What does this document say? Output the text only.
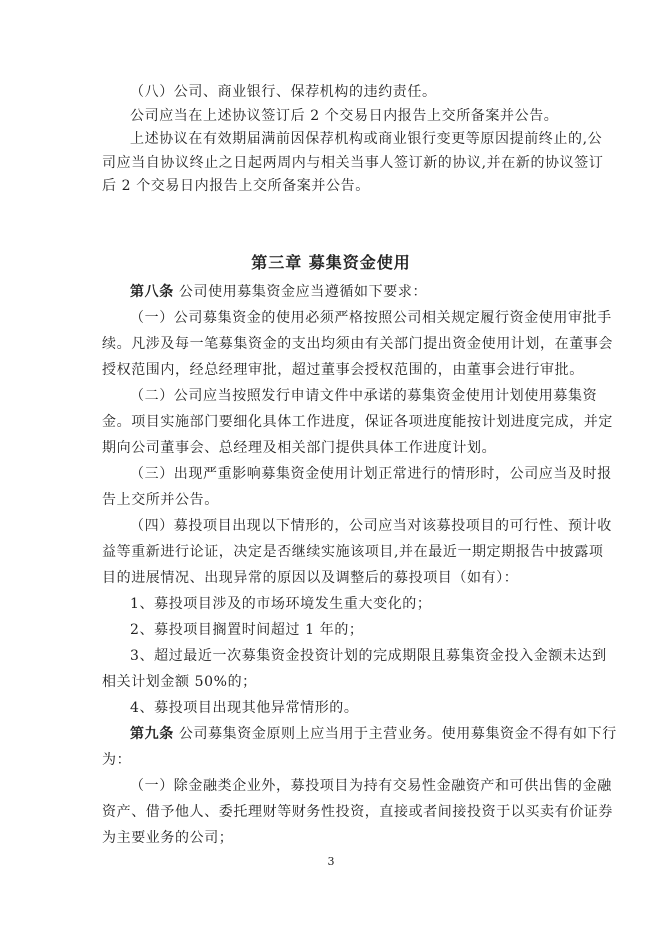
（八）公司、商业银行、保荐机构的违约责任。
公司应当在上述协议签订后 2 个交易日内报告上交所备案并公告。
上述协议在有效期届满前因保荐机构或商业银行变更等原因提前终止的,公
司应当自协议终止之日起两周内与相关当事人签订新的协议,并在新的协议签订
后 2 个交易日内报告上交所备案并公告。
第三章 募集资金使用
第八条 公司使用募集资金应当遵循如下要求：
（一）公司募集资金的使用必须严格按照公司相关规定履行资金使用审批手
续。凡涉及每一笔募集资金的支出均须由有关部门提出资金使用计划，在董事会
授权范围内，经总经理审批，超过董事会授权范围的，由董事会进行审批。
（二）公司应当按照发行申请文件中承诺的募集资金使用计划使用募集资
金。项目实施部门要细化具体工作进度，保证各项进度能按计划进度完成，并定
期向公司董事会、总经理及相关部门提供具体工作进度计划。
（三）出现严重影响募集资金使用计划正常进行的情形时，公司应当及时报
告上交所并公告。
（四）募投项目出现以下情形的，公司应当对该募投项目的可行性、预计收
益等重新进行论证，决定是否继续实施该项目,并在最近一期定期报告中披露项
目的进展情况、出现异常的原因以及调整后的募投项目（如有）：
1、募投项目涉及的市场环境发生重大变化的；
2、募投项目搁置时间超过 1 年的；
3、超过最近一次募集资金投资计划的完成期限且募集资金投入金额未达到
相关计划金额 50%的；
4、募投项目出现其他异常情形的。
第九条 公司募集资金原则上应当用于主营业务。使用募集资金不得有如下行
为：
（一）除金融类企业外，募投项目为持有交易性金融资产和可供出售的金融
资产、借予他人、委托理财等财务性投资，直接或者间接投资于以买卖有价证券
为主要业务的公司；
3
